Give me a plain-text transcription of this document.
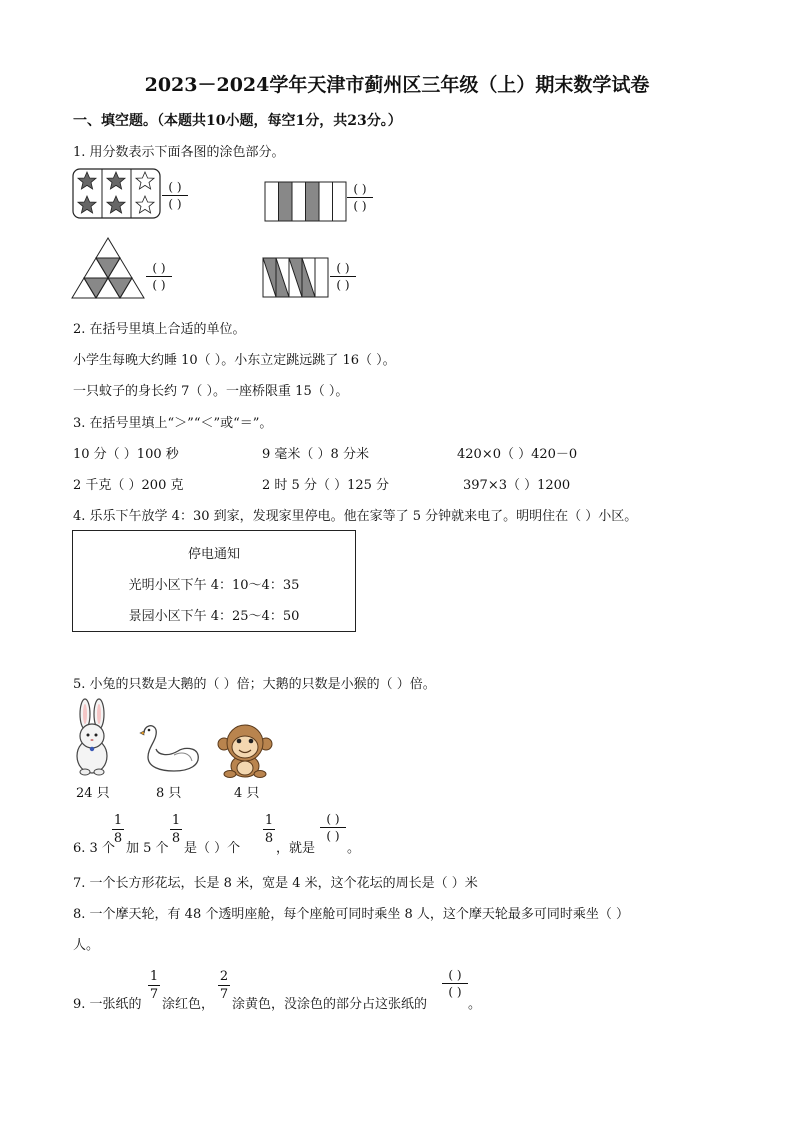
2023－2024学年天津市蓟州区三年级（上）期末数学试卷
一、填空题。（本题共10小题，每空1分，共23分。）
1. 用分数表示下面各图的涂色部分。
( )
( )
( )
( )
( )
( )
( )
( )
2. 在括号里填上合适的单位。
小学生每晚大约睡 10（ ）。小东立定跳远跳了 16（ ）。
一只蚊子的身长约 7（ ）。一座桥限重 15（ ）。
3. 在括号里填上“＞”“＜”或“＝”。
10 分（ ）100 秒	9 毫米（ ）8 分米	420×0（ ）420－0
2 千克（ ）200 克	2 时 5 分（ ）125 分	397×3（ ）1200
4. 乐乐下午放学 4：30 到家，发现家里停电。他在家等了 5 分钟就来电了。明明住在（ ）小区。
停电通知
光明小区下午 4：10～4：35
景园小区下午 4：25～4：50
5. 小兔的只数是大鹅的（ ）倍；大鹅的只数是小猴的（ ）倍。
24 只	8 只	4 只
6. 3 个
1
8
加 5 个
1
8
是（ ）个
1
8
，就是
( )
( )
。
7. 一个长方形花坛，长是 8 米，宽是 4 米，这个花坛的周长是（ ）米
8. 一个摩天轮，有 48 个透明座舱，每个座舱可同时乘坐 8 人，这个摩天轮最多可同时乘坐（ ）
人。
9. 一张纸的
1
7
涂红色，
2
7
涂黄色，没涂色的部分占这张纸的
( )
( )
。
